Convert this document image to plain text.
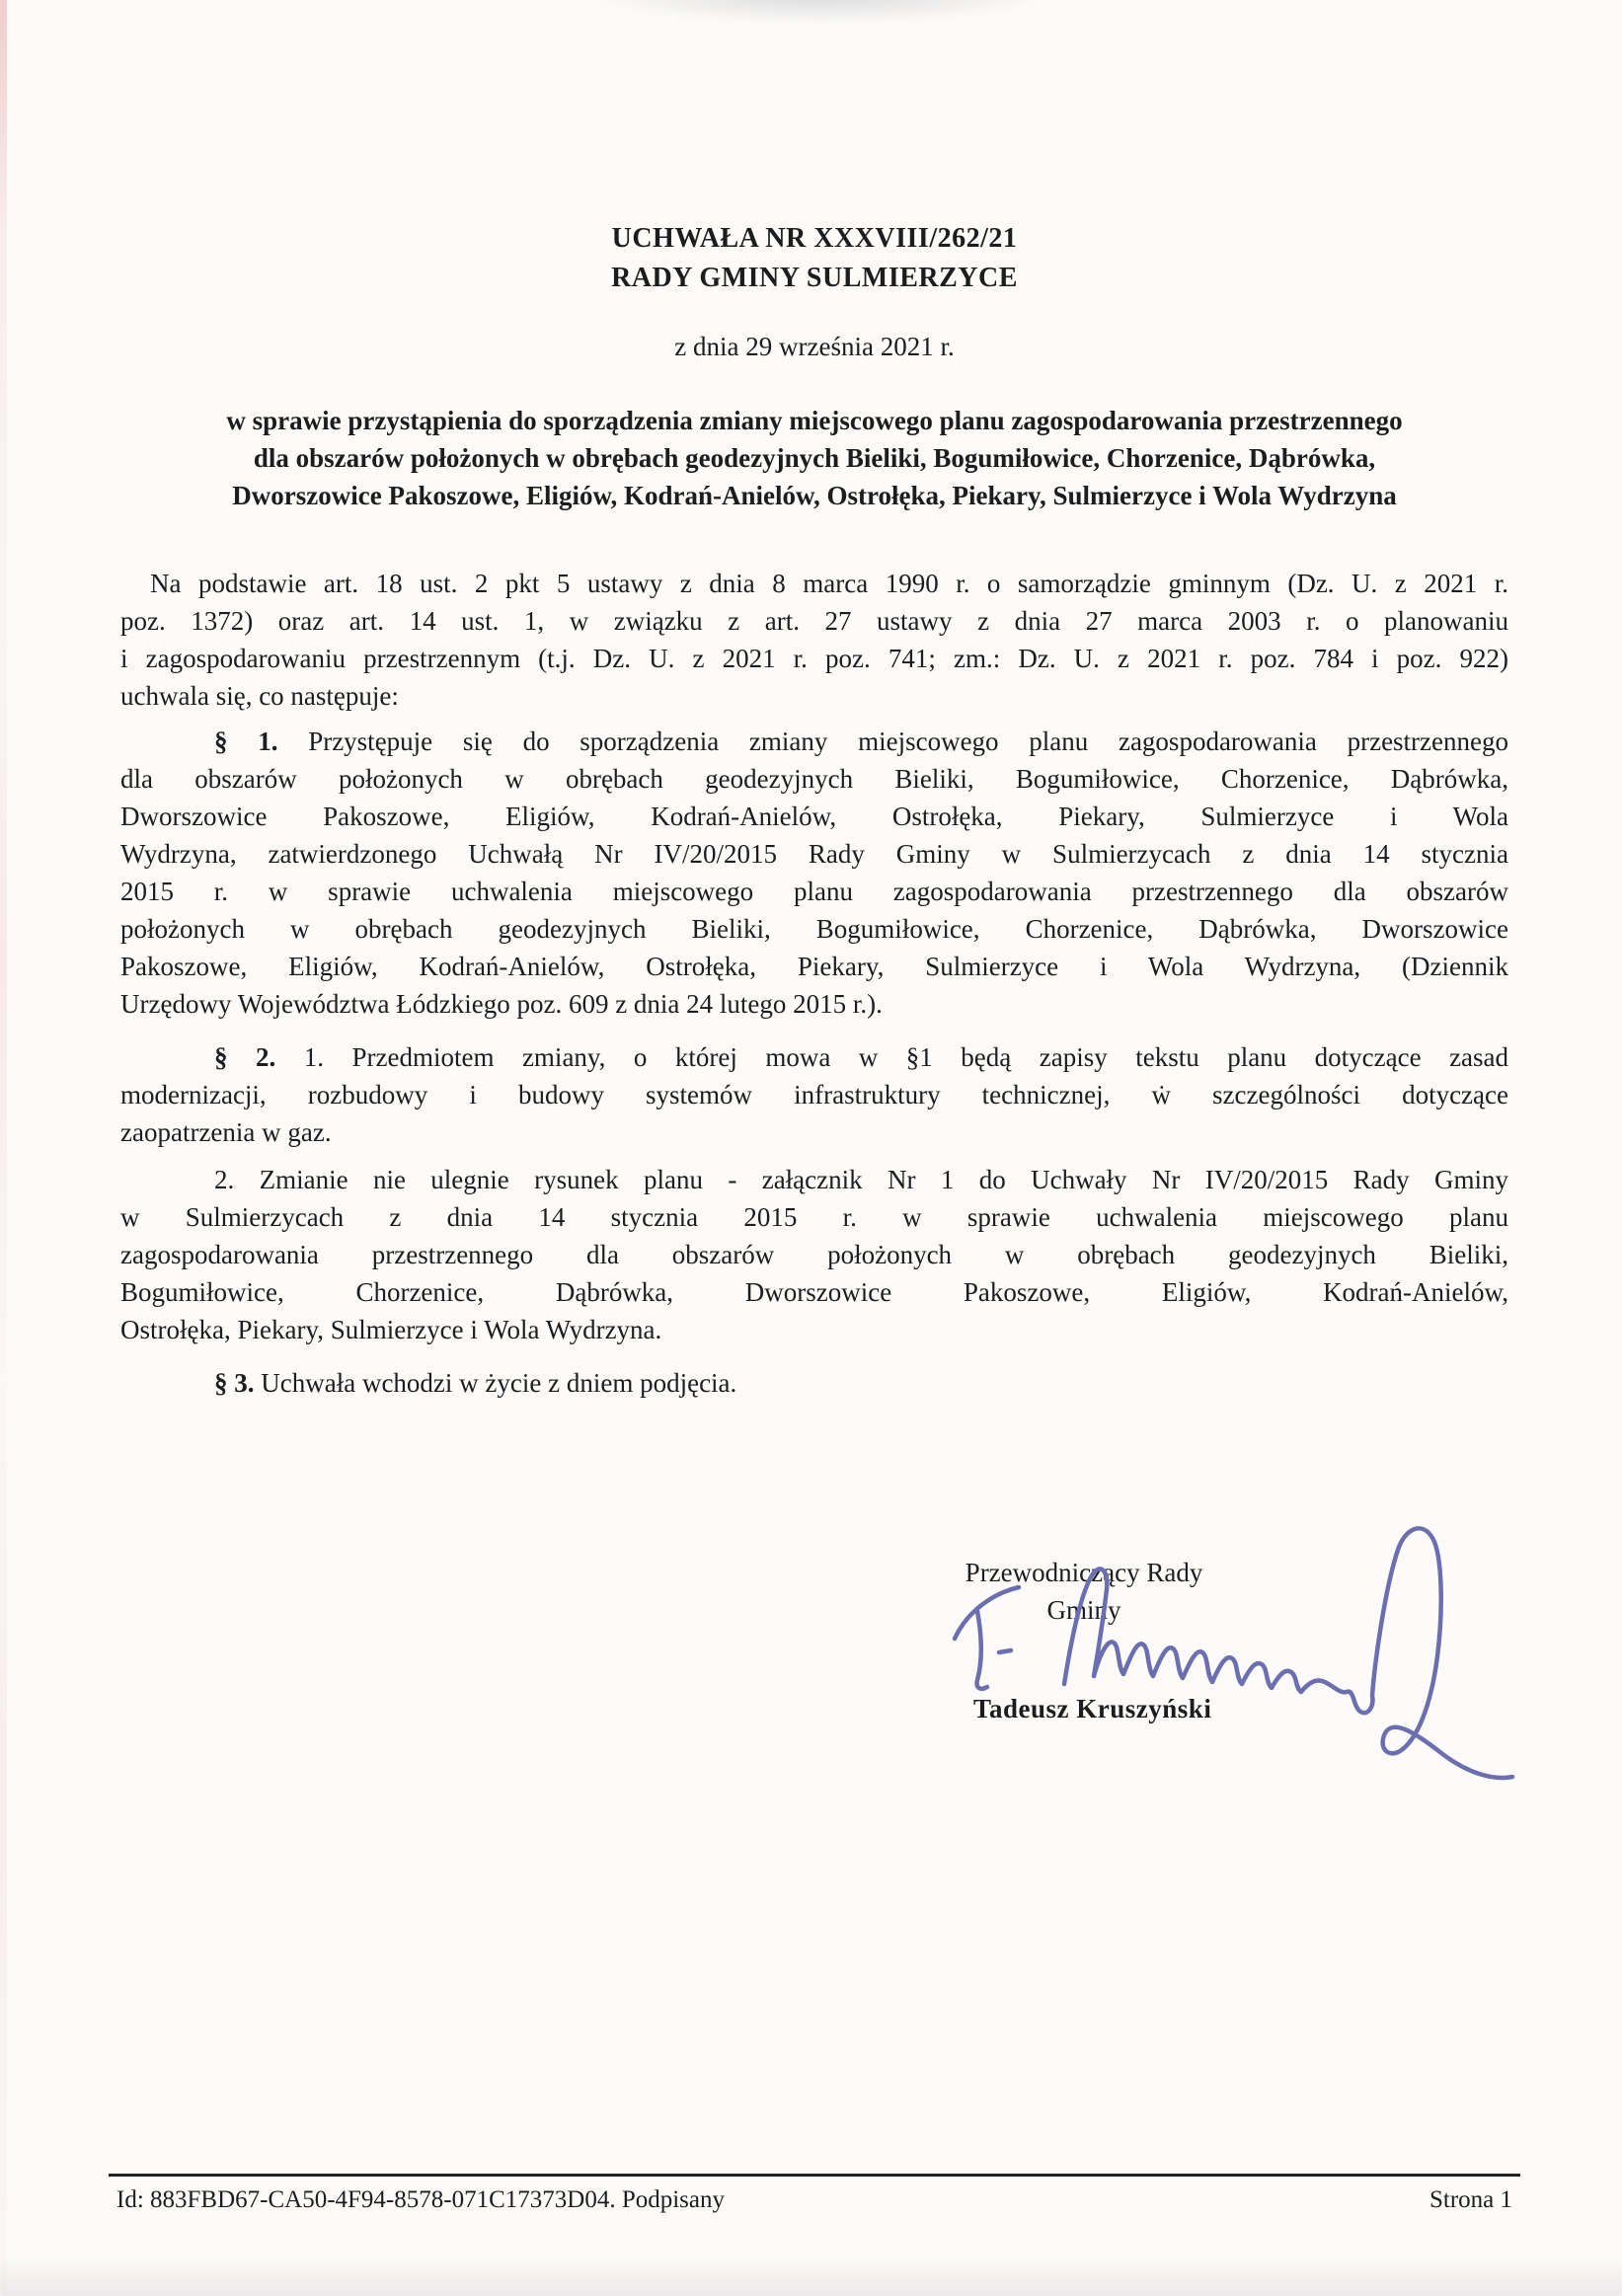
UCHWAŁA NR XXXVIII/262/21
RADY GMINY SULMIERZYCE
z dnia 29 września 2021 r.
w sprawie przystąpienia do sporządzenia zmiany miejscowego planu zagospodarowania przestrzennego
dla obszarów położonych w obrębach geodezyjnych Bieliki, Bogumiłowice, Chorzenice, Dąbrówka,
Dworszowice Pakoszowe, Eligiów, Kodrań-Anielów, Ostrołęka, Piekary, Sulmierzyce i Wola Wydrzyna
Na podstawie art. 18 ust. 2 pkt 5 ustawy z dnia 8 marca 1990 r. o samorządzie gminnym (Dz. U. z 2021 r.
poz. 1372) oraz art. 14 ust. 1, w związku z art. 27 ustawy z dnia 27 marca 2003 r. o planowaniu
i zagospodarowaniu przestrzennym (t.j. Dz. U. z 2021 r. poz. 741; zm.: Dz. U. z 2021 r. poz. 784 i poz. 922)
uchwala się, co następuje:
§ 1. Przystępuje się do sporządzenia zmiany miejscowego planu zagospodarowania przestrzennego
dla obszarów położonych w obrębach geodezyjnych Bieliki, Bogumiłowice, Chorzenice, Dąbrówka,
Dworszowice Pakoszowe, Eligiów, Kodrań-Anielów, Ostrołęka, Piekary, Sulmierzyce i Wola
Wydrzyna, zatwierdzonego Uchwałą Nr IV/20/2015 Rady Gminy w Sulmierzycach z dnia 14 stycznia
2015 r. w sprawie uchwalenia miejscowego planu zagospodarowania przestrzennego dla obszarów
położonych w obrębach geodezyjnych Bieliki, Bogumiłowice, Chorzenice, Dąbrówka, Dworszowice
Pakoszowe, Eligiów, Kodrań-Anielów, Ostrołęka, Piekary, Sulmierzyce i Wola Wydrzyna, (Dziennik
Urzędowy Województwa Łódzkiego poz. 609 z dnia 24 lutego 2015 r.).
§ 2. 1. Przedmiotem zmiany, o której mowa w §1 będą zapisy tekstu planu dotyczące zasad
modernizacji, rozbudowy i budowy systemów infrastruktury technicznej, ẇ szczególności dotyczące
zaopatrzenia w gaz.
2. Zmianie nie ulegnie rysunek planu - załącznik Nr 1 do Uchwały Nr IV/20/2015 Rady Gminy
w Sulmierzycach z dnia 14 stycznia 2015 r. w sprawie uchwalenia miejscowego planu
zagospodarowania przestrzennego dla obszarów położonych w obrębach geodezyjnych Bieliki,
Bogumiłowice, Chorzenice, Dąbrówka, Dworszowice Pakoszowe, Eligiów, Kodrań-Anielów,
Ostrołęka, Piekary, Sulmierzyce i Wola Wydrzyna.
§ 3. Uchwała wchodzi w życie z dniem podjęcia.
Przewodniczący Rady
Gminy
Tadeusz Kruszyński
Id: 883FBD67-CA50-4F94-8578-071C17373D04. Podpisany	Strona 1
